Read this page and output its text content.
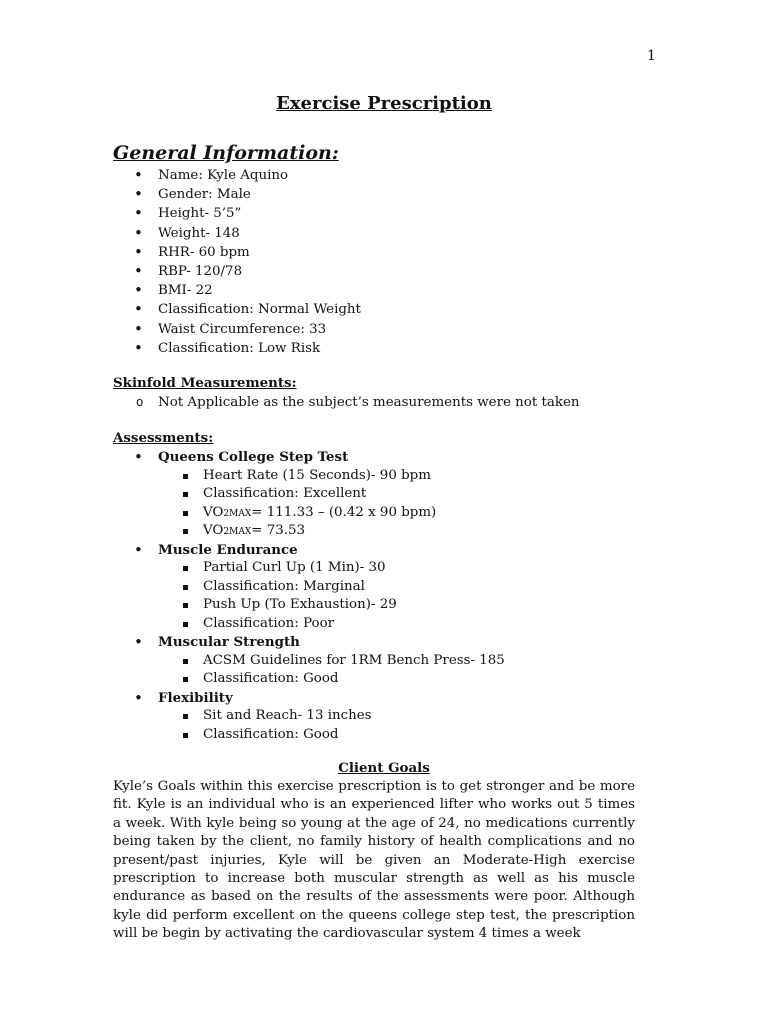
1
Exercise Prescription
General Information:
• Name: Kyle Aquino
• Gender: Male
• Height- 5’5”
• Weight- 148
• RHR- 60 bpm
• RBP- 120/78
• BMI- 22
• Classification: Normal Weight
• Waist Circumference: 33
• Classification: Low Risk
Skinfold Measurements:
o Not Applicable as the subject’s measurements were not taken
Assessments:
• Queens College Step Test
Heart Rate (15 Seconds)- 90 bpm
Classification: Excellent
VO2MAX= 111.33 – (0.42 x 90 bpm)
VO2MAX= 73.53
• Muscle Endurance
Partial Curl Up (1 Min)- 30
Classification: Marginal
Push Up (To Exhaustion)- 29
Classification: Poor
• Muscular Strength
ACSM Guidelines for 1RM Bench Press- 185
Classification: Good
• Flexibility
Sit and Reach- 13 inches
Classification: Good
Client Goals

Kyle’s Goals within this exercise prescription is to get stronger and be more fit. Kyle is an individual who is an experienced lifter who works out 5 times a week. With kyle being so young at the age of 24, no medications currently being taken by the client, no family history of health complications and no present/past injuries, Kyle will be given an Moderate-High exercise prescription to increase both muscular strength as well as his muscle endurance as based on the results of the assessments were poor. Although kyle did perform excellent on the queens college step test, the prescription will be begin by activating the cardiovascular system 4 times a week
